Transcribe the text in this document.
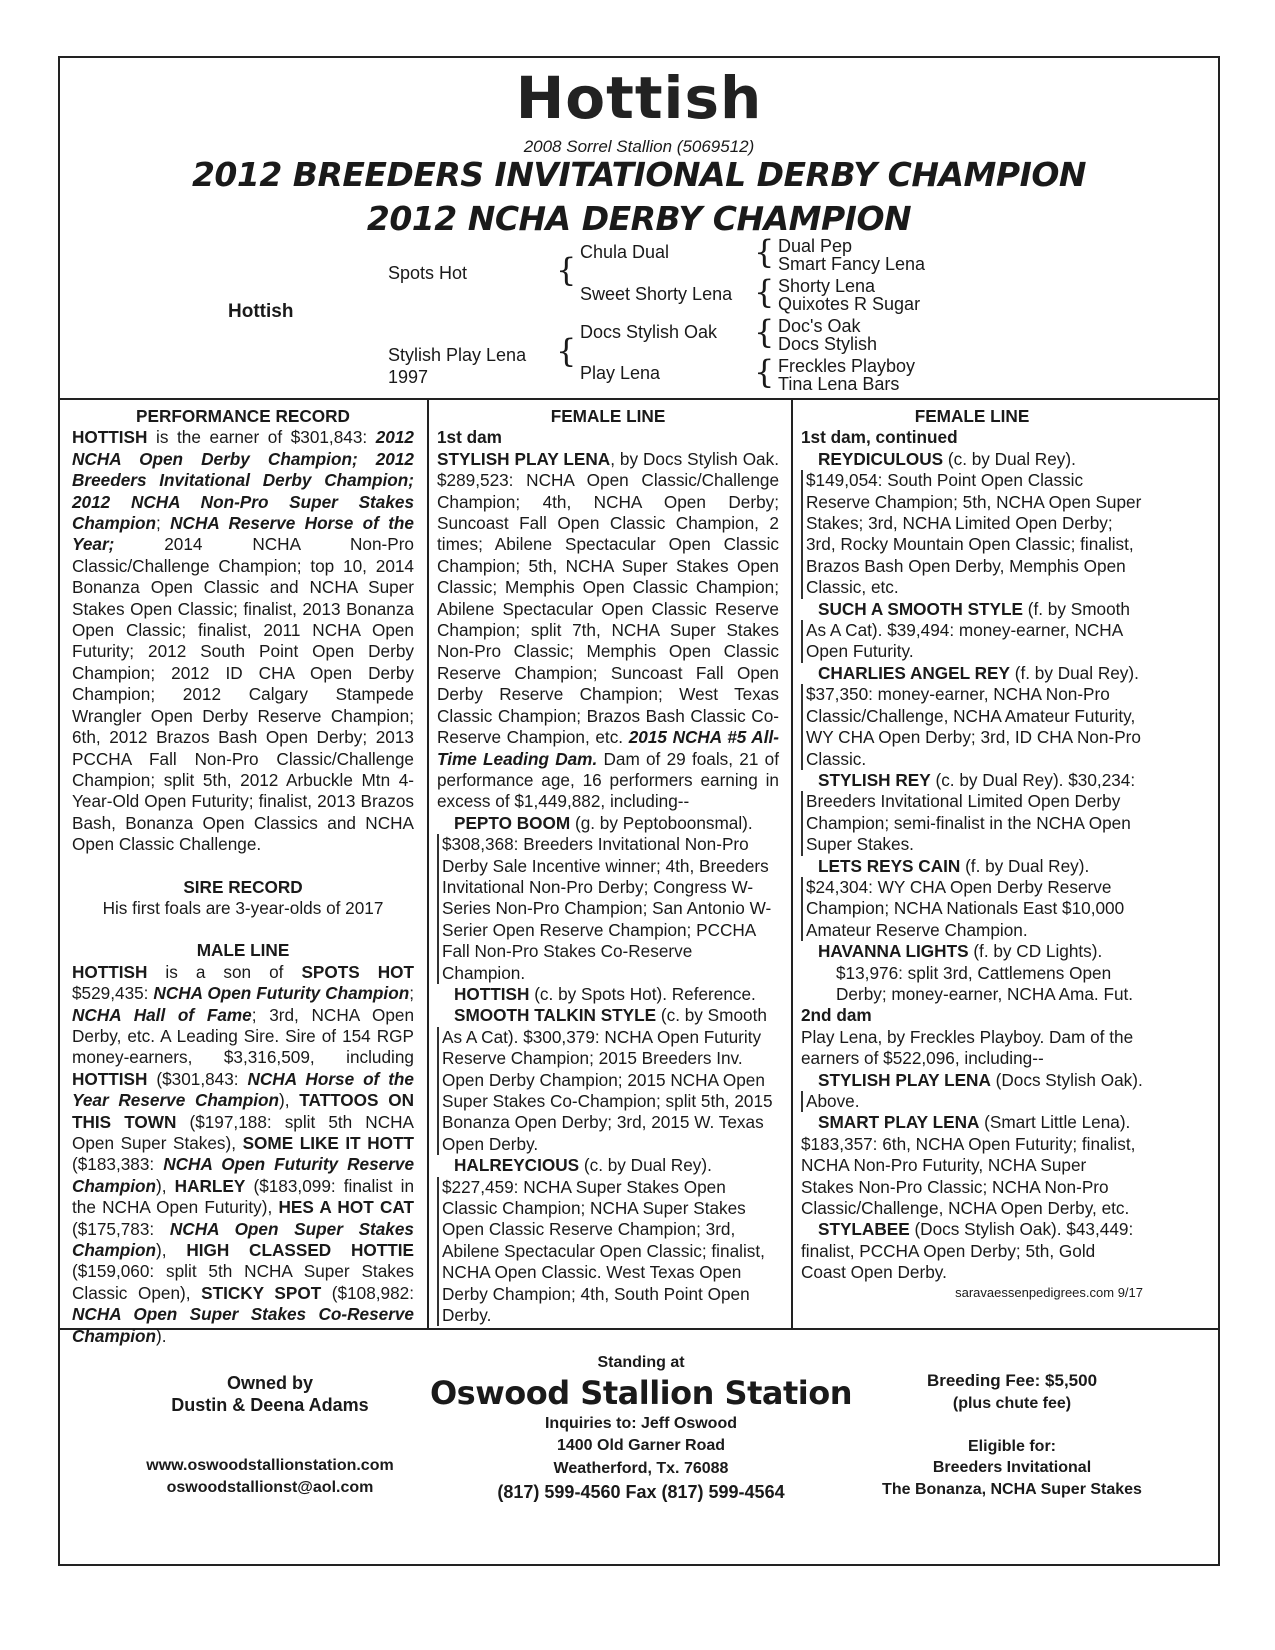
Hottish
2008 Sorrel Stallion (5069512)
2012 BREEDERS INVITATIONAL DERBY CHAMPION
2012 NCHA DERBY CHAMPION
Hottish
Spots Hot
Stylish Play Lena
1997
{
{
Chula Dual
Sweet Shorty Lena
Docs Stylish Oak
Play Lena
{
{
{
{
Dual Pep
Smart Fancy Lena
Shorty Lena
Quixotes R Sugar
Doc's Oak
Docs Stylish
Freckles Playboy
Tina Lena Bars

PERFORMANCE RECORD

HOTTISH is the earner of $301,843: 2012 NCHA Open Derby Champion; 2012 Breeders Invitational Derby Champion; 2012 NCHA Non-Pro Super Stakes Champion; NCHA Reserve Horse of the Year; 2014 NCHA Non-Pro Classic/Challenge Champion; top 10, 2014 Bonanza Open Classic and NCHA Super Stakes Open Classic; finalist, 2013 Bonanza Open Classic; finalist, 2011 NCHA Open Futurity; 2012 South Point Open Derby Champion; 2012 ID CHA Open Derby Champion; 2012 Calgary Stampede Wrangler Open Derby Reserve Champion; 6th, 2012 Brazos Bash Open Derby; 2013 PCCHA Fall Non-Pro Classic/Challenge Champion; split 5th, 2012 Arbuckle Mtn 4-Year-Old Open Futurity; finalist, 2013 Brazos Bash, Bonanza Open Classics and NCHA Open Classic Challenge.

SIRE RECORD

His first foals are 3-year-olds of 2017

MALE LINE

HOTTISH is a son of SPOTS HOT $529,435: NCHA Open Futurity Champion; NCHA Hall of Fame; 3rd, NCHA Open Derby, etc. A Leading Sire. Sire of 154 RGP money-earners, $3,316,509, including HOTTISH ($301,843: NCHA Horse of the Year Reserve Champion), TATTOOS ON THIS TOWN ($197,188: split 5th NCHA Open Super Stakes), SOME LIKE IT HOTT ($183,383: NCHA Open Futurity Reserve Champion), HARLEY ($183,099: finalist in the NCHA Open Futurity), HES A HOT CAT ($175,783: NCHA Open Super Stakes Champion), HIGH CLASSED HOTTIE ($159,060: split 5th NCHA Super Stakes Classic Open), STICKY SPOT ($108,982: NCHA Open Super Stakes Co-Reserve Champion).

FEMALE LINE

1st dam

STYLISH PLAY LENA, by Docs Stylish Oak. $289,523: NCHA Open Classic/Challenge Champion; 4th, NCHA Open Derby; Suncoast Fall Open Classic Champion, 2 times; Abilene Spectacular Open Classic Champion; 5th, NCHA Super Stakes Open Classic; Memphis Open Classic Champion; Abilene Spectacular Open Classic Reserve Champion; split 7th, NCHA Super Stakes Non-Pro Classic; Memphis Open Classic Reserve Champion; Suncoast Fall Open Derby Reserve Champion; West Texas Classic Champion; Brazos Bash Classic Co-Reserve Champion, etc. 2015 NCHA #5 All-Time Leading Dam. Dam of 29 foals, 21 of performance age, 16 performers earning in excess of $1,449,882, including--

PEPTO BOOM (g. by Peptoboonsmal).

$308,368: Breeders Invitational Non-Pro Derby Sale Incentive winner; 4th, Breeders Invitational Non-Pro Derby; Congress W-Series Non-Pro Champion; San Antonio W-Serier Open Reserve Champion; PCCHA Fall Non-Pro Stakes Co-Reserve Champion.

HOTTISH (c. by Spots Hot). Reference.

SMOOTH TALKIN STYLE (c. by Smooth

As A Cat). $300,379: NCHA Open Futurity Reserve Champion; 2015 Breeders Inv. Open Derby Champion; 2015 NCHA Open Super Stakes Co-Champion; split 5th, 2015 Bonanza Open Derby; 3rd, 2015 W. Texas Open Derby.

HALREYCIOUS (c. by Dual Rey).

$227,459: NCHA Super Stakes Open Classic Champion; NCHA Super Stakes Open Classic Reserve Champion; 3rd, Abilene Spectacular Open Classic; finalist, NCHA Open Classic. West Texas Open Derby Champion; 4th, South Point Open Derby.

FEMALE LINE

1st dam, continued

REYDICULOUS (c. by Dual Rey).

$149,054: South Point Open Classic Reserve Champion; 5th, NCHA Open Super Stakes; 3rd, NCHA Limited Open Derby; 3rd, Rocky Mountain Open Classic; finalist, Brazos Bash Open Derby, Memphis Open Classic, etc.

SUCH A SMOOTH STYLE (f. by Smooth

As A Cat). $39,494: money-earner, NCHA Open Futurity.

CHARLIES ANGEL REY (f. by Dual Rey).

$37,350: money-earner, NCHA Non-Pro Classic/Challenge, NCHA Amateur Futurity, WY CHA Open Derby; 3rd, ID CHA Non-Pro Classic.

STYLISH REY (c. by Dual Rey). $30,234:

Breeders Invitational Limited Open Derby Champion; semi-finalist in the NCHA Open Super Stakes.

LETS REYS CAIN (f. by Dual Rey).

$24,304: WY CHA Open Derby Reserve Champion; NCHA Nationals East $10,000 Amateur Reserve Champion.

HAVANNA LIGHTS (f. by CD Lights).

$13,976: split 3rd, Cattlemens Open Derby; money-earner, NCHA Ama. Fut.

2nd dam

Play Lena, by Freckles Playboy. Dam of the earners of $522,096, including--

STYLISH PLAY LENA (Docs Stylish Oak).

Above.

SMART PLAY LENA (Smart Little Lena).

$183,357: 6th, NCHA Open Futurity; finalist, NCHA Non-Pro Futurity, NCHA Super Stakes Non-Pro Classic; NCHA Non-Pro Classic/Challenge, NCHA Open Derby, etc.

STYLABEE (Docs Stylish Oak). $43,449:

finalist, PCCHA Open Derby; 5th, Gold Coast Open Derby.

saravaessenpedigrees.com 9/17

Owned by
Dustin & Deena Adams
www.oswoodstallionstation.com
oswoodstallionst@aol.com
Standing at
Oswood Stallion Station
Inquiries to: Jeff Oswood
1400 Old Garner Road
Weatherford, Tx. 76088
(817) 599-4560 Fax (817) 599-4564
Breeding Fee: $5,500
(plus chute fee)
Eligible for:
Breeders Invitational
The Bonanza, NCHA Super Stakes
